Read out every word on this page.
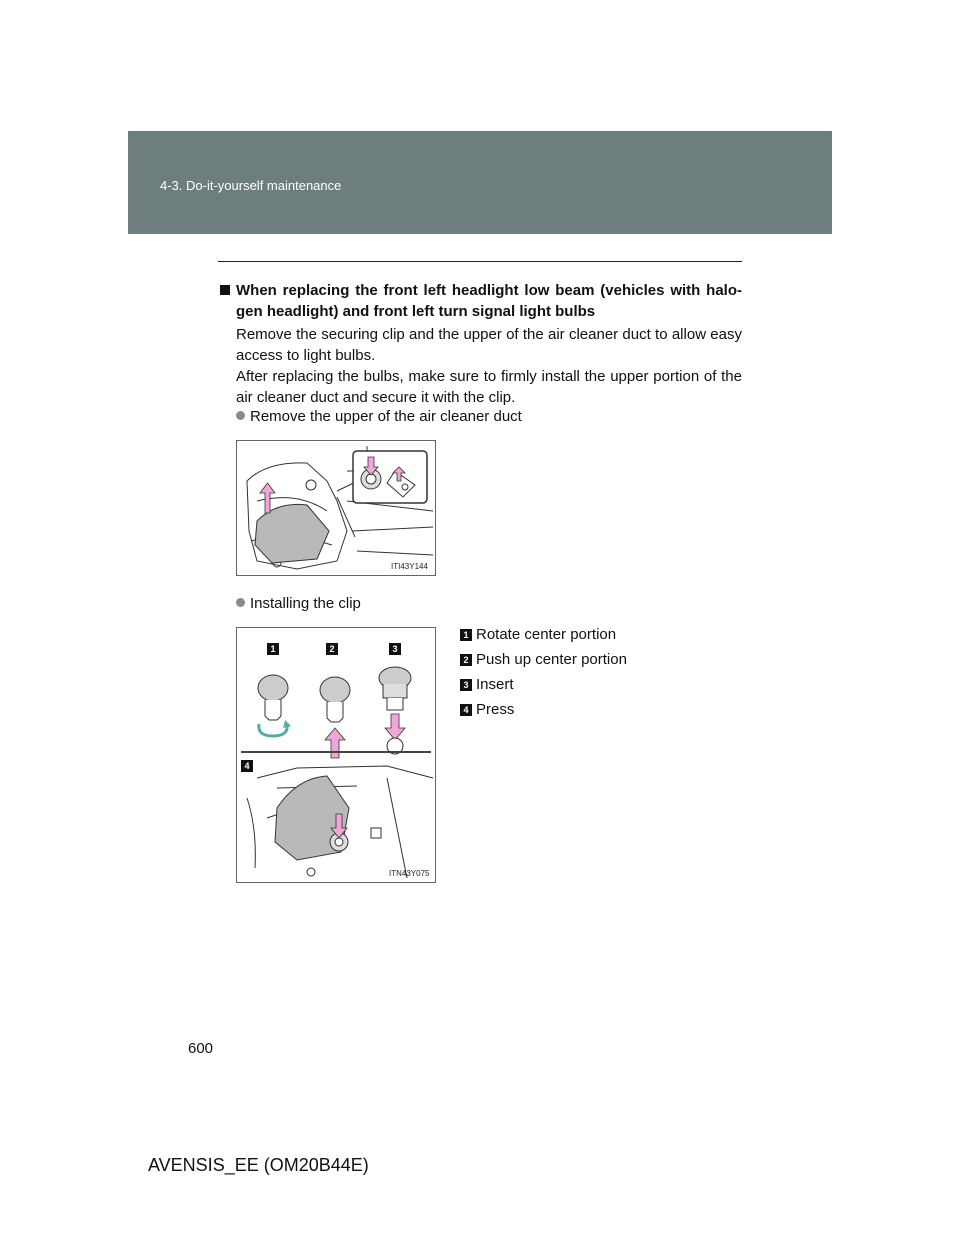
4-3. Do-it-yourself maintenance
When replacing the front left headlight low beam (vehicles with halo-gen headlight) and front left turn signal light bulbs
Remove the securing clip and the upper of the air cleaner duct to allow easy access to light bulbs.
After replacing the bulbs, make sure to firmly install the upper portion of the air cleaner duct and secure it with the clip.
Remove the upper of the air cleaner duct
ITI43Y144
Installing the clip
1	2	3
4
ITN43Y075
1 Rotate center portion
2 Push up center portion
3 Insert
4 Press
600
AVENSIS_EE (OM20B44E)
